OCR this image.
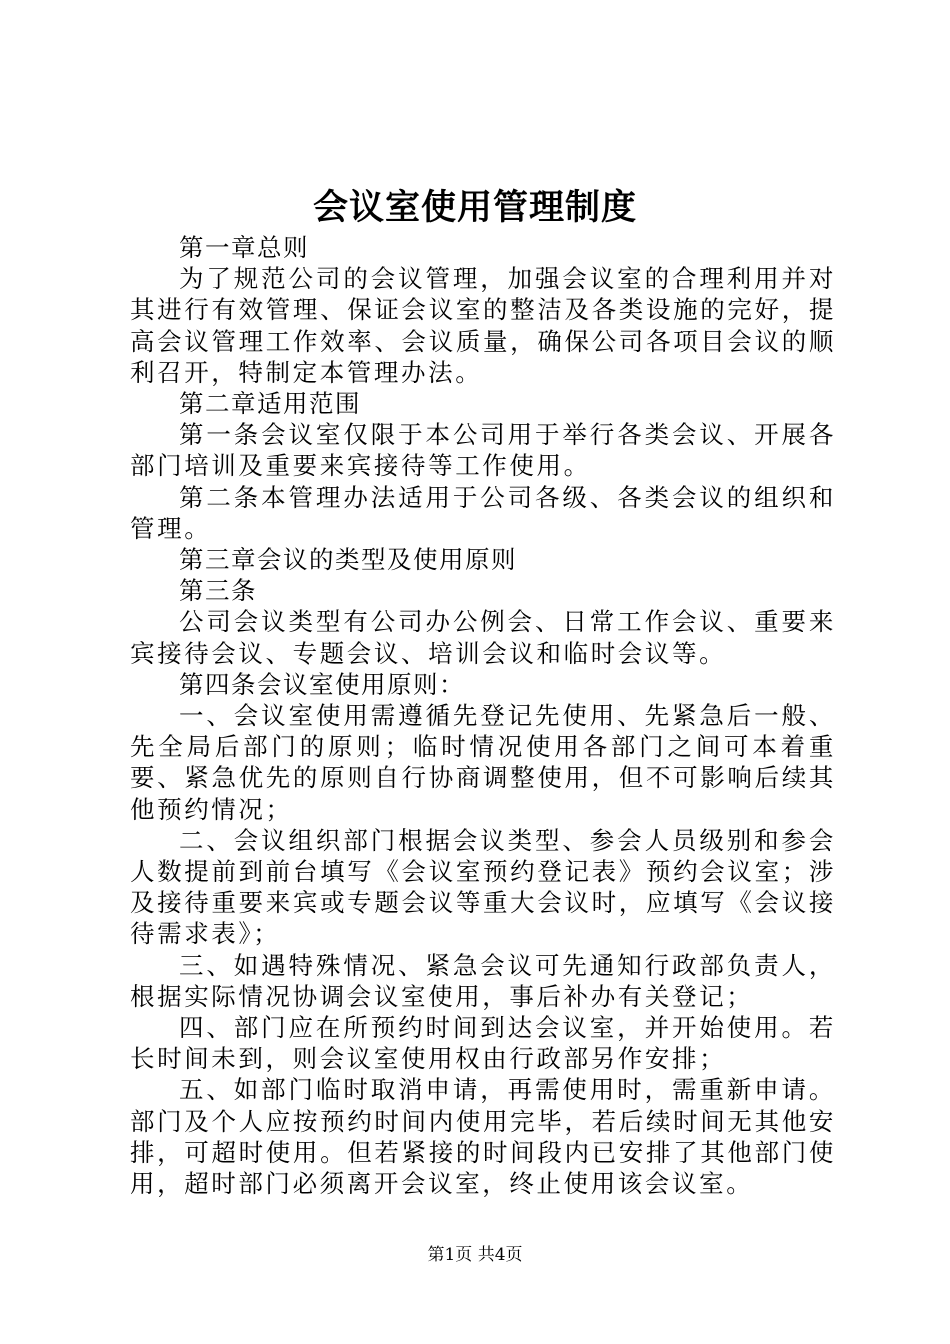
会议室使用管理制度

第一章总则

为了规范公司的会议管理，加强会议室的合理利用并对其进行有效管理、保证会议室的整洁及各类设施的完好，提高会议管理工作效率、会议质量，确保公司各项目会议的顺利召开，特制定本管理办法。

第二章适用范围

第一条会议室仅限于本公司用于举行各类会议、开展各部门培训及重要来宾接待等工作使用。

第二条本管理办法适用于公司各级、各类会议的组织和管理。

第三章会议的类型及使用原则

第三条

公司会议类型有公司办公例会、日常工作会议、重要来宾接待会议、专题会议、培训会议和临时会议等。

第四条会议室使用原则：

一、会议室使用需遵循先登记先使用、先紧急后一般、先全局后部门的原则；临时情况使用各部门之间可本着重要、紧急优先的原则自行协商调整使用，但不可影响后续其他预约情况；

二、会议组织部门根据会议类型、参会人员级别和参会人数提前到前台填写《会议室预约登记表》预约会议室；涉及接待重要来宾或专题会议等重大会议时，应填写《会议接待需求表》；

三、如遇特殊情况、紧急会议可先通知行政部负责人，根据实际情况协调会议室使用，事后补办有关登记；

四、部门应在所预约时间到达会议室，并开始使用。若长时间未到，则会议室使用权由行政部另作安排；

五、如部门临时取消申请，再需使用时，需重新申请。部门及个人应按预约时间内使用完毕，若后续时间无其他安排，可超时使用。但若紧接的时间段内已安排了其他部门使用，超时部门必须离开会议室，终止使用该会议室。

第1页 共4页
